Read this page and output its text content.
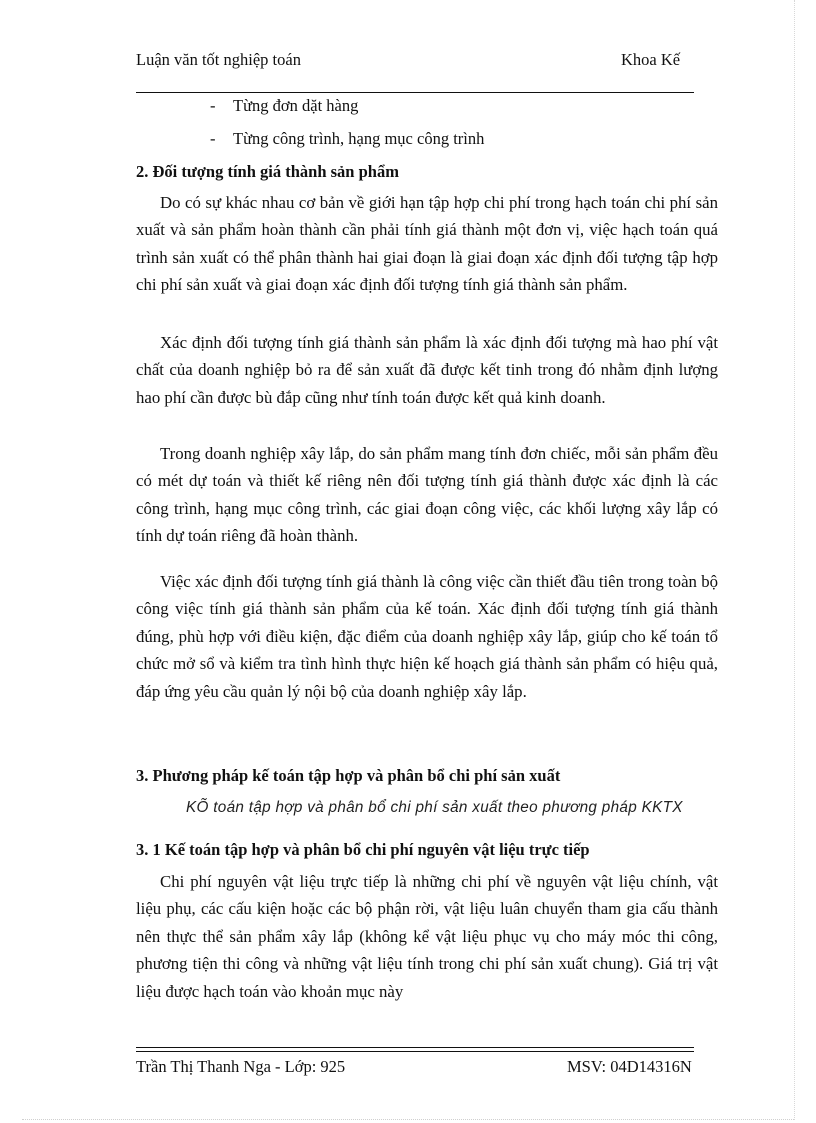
Luận văn tốt nghiệp toán	Khoa Kế
- Từng đơn dặt hàng
- Từng công trình, hạng mục công trình
2. Đối tượng tính giá thành sản phẩm

Do có sự khác nhau cơ bản về giới hạn tập hợp chi phí trong hạch toán chi phí sản xuất và sản phẩm hoàn thành cần phải tính giá thành một đơn vị, việc hạch toán quá trình sản xuất có thể phân thành hai giai đoạn là giai đoạn xác định đối tượng tập hợp chi phí sản xuất và giai đoạn xác định đối tượng tính giá thành sản phẩm.

Xác định đối tượng tính giá thành sản phẩm là xác định đối tượng mà hao phí vật chất của doanh nghiệp bỏ ra để sản xuất đã được kết tinh trong đó nhằm định lượng hao phí cần được bù đắp cũng như tính toán được kết quả kinh doanh.

Trong doanh nghiệp xây lắp, do sản phẩm mang tính đơn chiếc, mỗi sản phẩm đều có mét dự toán và thiết kế riêng nên đối tượng tính giá thành được xác định là các công trình, hạng mục công trình, các giai đoạn công việc, các khối lượng xây lắp có tính dự toán riêng đã hoàn thành.

Việc xác định đối tượng tính giá thành là công việc cần thiết đầu tiên trong toàn bộ công việc tính giá thành sản phẩm của kế toán. Xác định đối tượng tính giá thành đúng, phù hợp với điều kiện, đặc điểm của doanh nghiệp xây lắp, giúp cho kế toán tổ chức mở sổ và kiểm tra tình hình thực hiện kế hoạch giá thành sản phẩm có hiệu quả, đáp ứng yêu cầu quản lý nội bộ của doanh nghiệp xây lắp.

3. Phương pháp kế toán tập hợp và phân bổ chi phí sản xuất

KÕ toán tập hợp và phân bổ chi phí sản xuất theo phương pháp KKTX

3. 1 Kế toán tập hợp và phân bổ chi phí nguyên vật liệu trực tiếp

Chi phí nguyên vật liệu trực tiếp là những chi phí về nguyên vật liệu chính, vật liệu phụ, các cấu kiện hoặc các bộ phận rời, vật liệu luân chuyển tham gia cấu thành nên thực thể sản phẩm xây lắp (không kể vật liệu phục vụ cho máy móc thi công, phương tiện thi công và những vật liệu tính trong chi phí sản xuất chung). Giá trị vật liệu được hạch toán vào khoản mục này

Trần Thị Thanh Nga - Lớp: 925	MSV: 04D14316N
